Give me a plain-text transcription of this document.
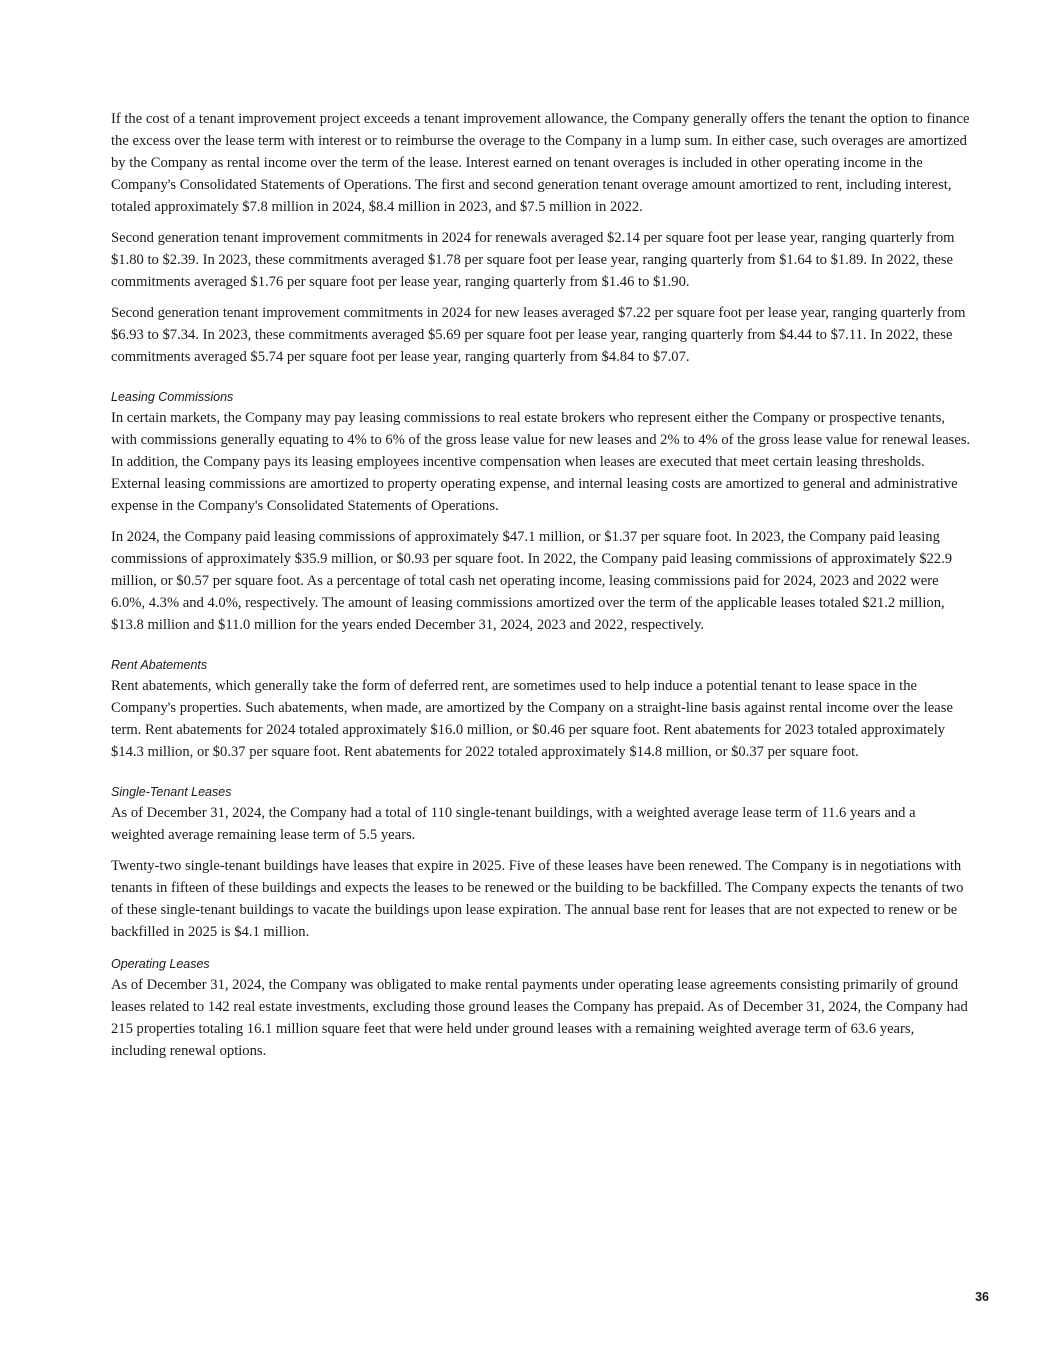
If the cost of a tenant improvement project exceeds a tenant improvement allowance, the Company generally offers the tenant the option to finance the excess over the lease term with interest or to reimburse the overage to the Company in a lump sum. In either case, such overages are amortized by the Company as rental income over the term of the lease. Interest earned on tenant overages is included in other operating income in the Company's Consolidated Statements of Operations. The first and second generation tenant overage amount amortized to rent, including interest, totaled approximately $7.8 million in 2024, $8.4 million in 2023, and $7.5 million in 2022.

Second generation tenant improvement commitments in 2024 for renewals averaged $2.14 per square foot per lease year, ranging quarterly from $1.80 to $2.39. In 2023, these commitments averaged $1.78 per square foot per lease year, ranging quarterly from $1.64 to $1.89. In 2022, these commitments averaged $1.76 per square foot per lease year, ranging quarterly from $1.46 to $1.90.

Second generation tenant improvement commitments in 2024 for new leases averaged $7.22 per square foot per lease year, ranging quarterly from $6.93 to $7.34. In 2023, these commitments averaged $5.69 per square foot per lease year, ranging quarterly from $4.44 to $7.11. In 2022, these commitments averaged $5.74 per square foot per lease year, ranging quarterly from $4.84 to $7.07.

Leasing Commissions

In certain markets, the Company may pay leasing commissions to real estate brokers who represent either the Company or prospective tenants, with commissions generally equating to 4% to 6% of the gross lease value for new leases and 2% to 4% of the gross lease value for renewal leases. In addition, the Company pays its leasing employees incentive compensation when leases are executed that meet certain leasing thresholds. External leasing commissions are amortized to property operating expense, and internal leasing costs are amortized to general and administrative expense in the Company's Consolidated Statements of Operations.

In 2024, the Company paid leasing commissions of approximately $47.1 million, or $1.37 per square foot. In 2023, the Company paid leasing commissions of approximately $35.9 million, or $0.93 per square foot. In 2022, the Company paid leasing commissions of approximately $22.9 million, or $0.57 per square foot. As a percentage of total cash net operating income, leasing commissions paid for 2024, 2023 and 2022 were 6.0%, 4.3% and 4.0%, respectively. The amount of leasing commissions amortized over the term of the applicable leases totaled $21.2 million, $13.8 million and $11.0 million for the years ended December 31, 2024, 2023 and 2022, respectively.

Rent Abatements

Rent abatements, which generally take the form of deferred rent, are sometimes used to help induce a potential tenant to lease space in the Company's properties. Such abatements, when made, are amortized by the Company on a straight-line basis against rental income over the lease term. Rent abatements for 2024 totaled approximately $16.0 million, or $0.46 per square foot. Rent abatements for 2023 totaled approximately $14.3 million, or $0.37 per square foot. Rent abatements for 2022 totaled approximately $14.8 million, or $0.37 per square foot.

Single-Tenant Leases

As of December 31, 2024, the Company had a total of 110 single-tenant buildings, with a weighted average lease term of 11.6 years and a weighted average remaining lease term of 5.5 years.

Twenty-two single-tenant buildings have leases that expire in 2025. Five of these leases have been renewed. The Company is in negotiations with tenants in fifteen of these buildings and expects the leases to be renewed or the building to be backfilled. The Company expects the tenants of two of these single-tenant buildings to vacate the buildings upon lease expiration. The annual base rent for leases that are not expected to renew or be backfilled in 2025 is $4.1 million.

Operating Leases

As of December 31, 2024, the Company was obligated to make rental payments under operating lease agreements consisting primarily of ground leases related to 142 real estate investments, excluding those ground leases the Company has prepaid. As of December 31, 2024, the Company had 215 properties totaling 16.1 million square feet that were held under ground leases with a remaining weighted average term of 63.6 years, including renewal options.

36
